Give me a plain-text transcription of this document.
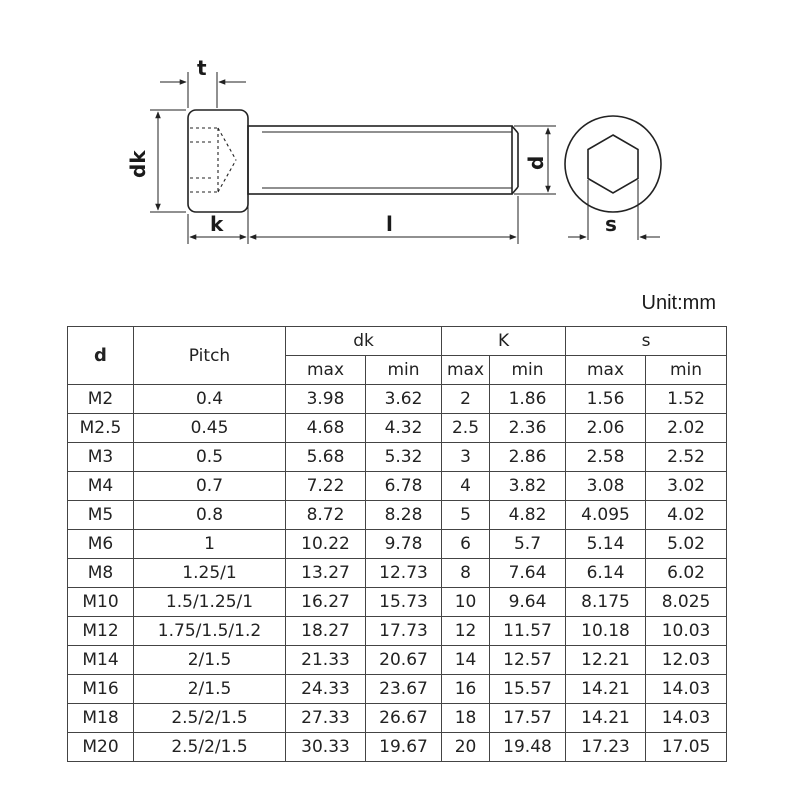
t
dk
k	l
d
s
Unit:mm
d	Pitch	dk		K		s	
		max	min	max	min	max	min
M2	0.4	3.98	3.62	2	1.86	1.56	1.52
M2.5	0.45	4.68	4.32	2.5	2.36	2.06	2.02
M3	0.5	5.68	5.32	3	2.86	2.58	2.52
M4	0.7	7.22	6.78	4	3.82	3.08	3.02
M5	0.8	8.72	8.28	5	4.82	4.095	4.02
M6	1	10.22	9.78	6	5.7	5.14	5.02
M8	1.25/1	13.27	12.73	8	7.64	6.14	6.02
M10	1.5/1.25/1	16.27	15.73	10	9.64	8.175	8.025
M12	1.75/1.5/1.2	18.27	17.73	12	11.57	10.18	10.03
M14	2/1.5	21.33	20.67	14	12.57	12.21	12.03
M16	2/1.5	24.33	23.67	16	15.57	14.21	14.03
M18	2.5/2/1.5	27.33	26.67	18	17.57	14.21	14.03
M20	2.5/2/1.5	30.33	19.67	20	19.48	17.23	17.05
